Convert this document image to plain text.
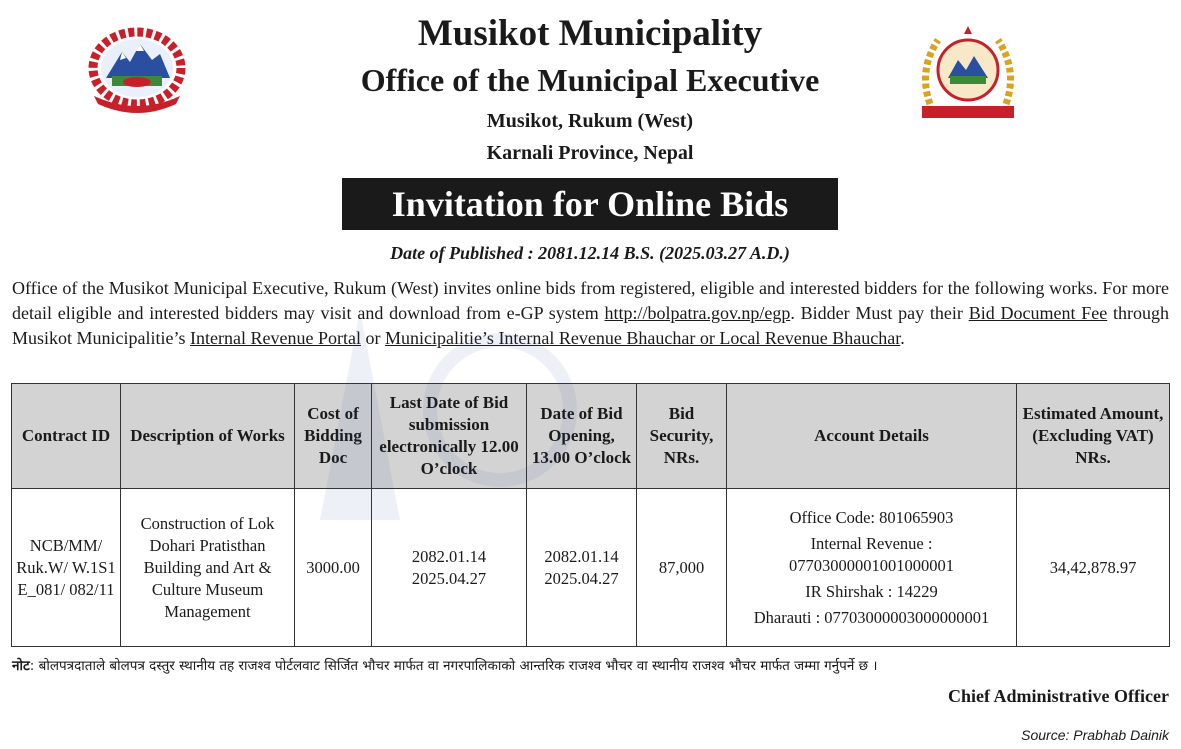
Musikot Municipality
Office of the Municipal Executive
Musikot, Rukum (West)
Karnali Province, Nepal
Invitation for Online Bids
Date of Published : 2081.12.14 B.S. (2025.03.27 A.D.)
Office of the Musikot Municipal Executive, Rukum (West) invites online bids from registered, eligible and interested bidders for the following works. For more detail eligible and interested bidders may visit and download from e-GP system http://bolpatra.gov.np/egp. Bidder Must pay their Bid Document Fee through Musikot Municipalitie’s Internal Revenue Portal or Municipalitie’s Internal Revenue Bhauchar or Local Revenue Bhauchar.
Contract ID	Description of Works	Cost of Bidding Doc	Last Date of Bid submission electronically 12.00 O’clock	Date of Bid Opening, 13.00 O’clock	Bid Security, NRs.	Account Details	Estimated Amount, (Excluding VAT) NRs.
NCB/MM/ Ruk.W/ W.1S1 E_081/ 082/11	Construction of Lok Dohari Pratisthan Building and Art & Culture Museum Management	3000.00	2082.01.14
2025.04.27	2082.01.14
2025.04.27	87,000	Office Code: 801065903
Internal Revenue :
07703000001001000001
IR Shirshak : 14229
Dharauti : 07703000003000000001	34,42,878.97
नोट: बोलपत्रदाताले बोलपत्र दस्तुर स्थानीय तह राजश्व पोर्टलवाट सिर्जित भौचर मार्फत वा नगरपालिकाको आन्तरिक राजश्व भौचर वा स्थानीय राजश्व भौचर मार्फत जम्मा गर्नुपर्ने छ ।
Chief Administrative Officer
Source: Prabhab Dainik
